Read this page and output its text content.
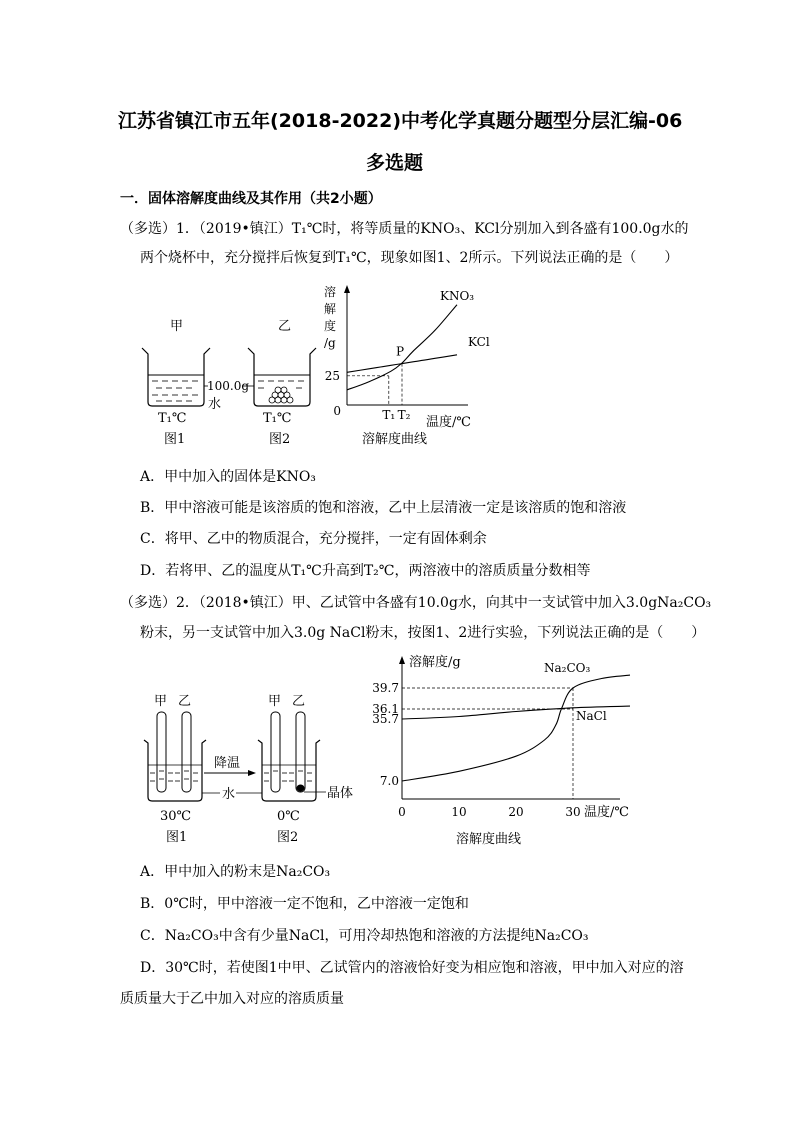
江苏省镇江市五年(2018-2022)中考化学真题分题型分层汇编-06
多选题
一．固体溶解度曲线及其作用（共2小题）
（多选）1．（2019•镇江）T₁℃时，将等质量的KNO₃、KCl分别加入到各盛有100.0g水的
两个烧杯中，充分搅拌后恢复到T₁℃，现象如图1、2所示。下列说法正确的是（　　）
甲	乙
100.0g
水
T₁℃	T₁℃
图1	图2
溶
解
度
/g
25
0	T₁ T₂
P
KNO₃
KCl
温度/℃
溶解度曲线
A．甲中加入的固体是KNO₃
B．甲中溶液可能是该溶质的饱和溶液，乙中上层清液一定是该溶质的饱和溶液
C．将甲、乙中的物质混合，充分搅拌，一定有固体剩余
D．若将甲、乙的温度从T₁℃升高到T₂℃，两溶液中的溶质质量分数相等
（多选）2．（2018•镇江）甲、乙试管中各盛有10.0g水，向其中一支试管中加入3.0gNa₂CO₃
粉末，另一支试管中加入3.0g NaCl粉末，按图1、2进行实验，下列说法正确的是（　　）
甲 乙	甲 乙
降温
水	晶体
30℃	0℃
图1	图2
溶解度/g
7.0
35.7
36.1
39.7
0	10	20	30 温度/℃
Na₂CO₃
NaCl
溶解度曲线
A．甲中加入的粉末是Na₂CO₃
B．0℃时，甲中溶液一定不饱和，乙中溶液一定饱和
C．Na₂CO₃中含有少量NaCl，可用冷却热饱和溶液的方法提纯Na₂CO₃
D．30℃时，若使图1中甲、乙试管内的溶液恰好变为相应饱和溶液，甲中加入对应的溶
质质量大于乙中加入对应的溶质质量
